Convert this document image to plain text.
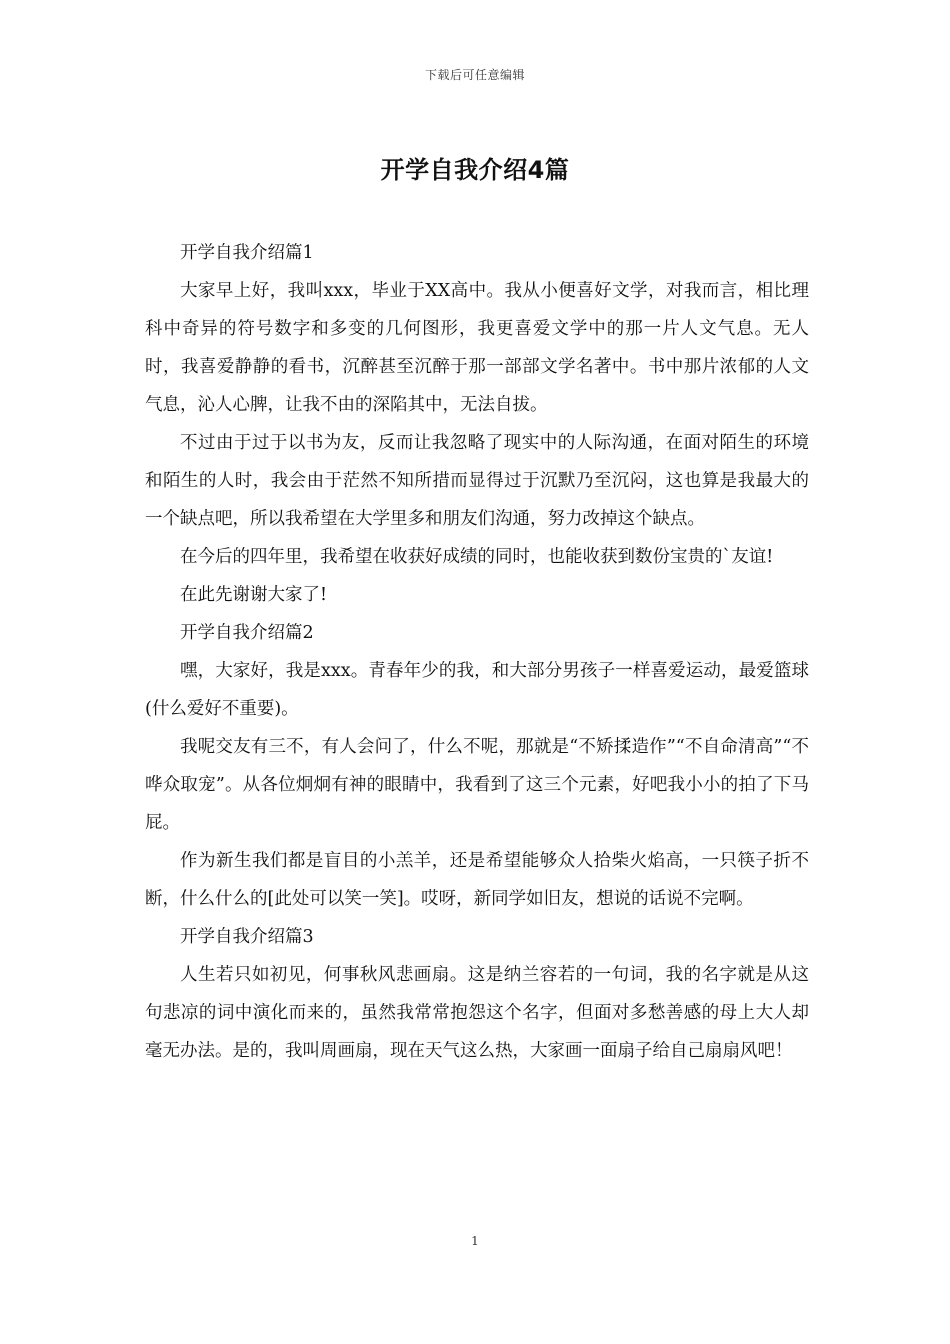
下载后可任意编辑
开学自我介绍4篇

开学自我介绍篇1

大家早上好，我叫xxx，毕业于XX高中。我从小便喜好文学，对我而言，相比理科中奇异的符号数字和多变的几何图形，我更喜爱文学中的那一片人文气息。无人时，我喜爱静静的看书，沉醉甚至沉醉于那一部部文学名著中。书中那片浓郁的人文气息，沁人心脾，让我不由的深陷其中，无法自拔。

不过由于过于以书为友，反而让我忽略了现实中的人际沟通，在面对陌生的环境和陌生的人时，我会由于茫然不知所措而显得过于沉默乃至沉闷，这也算是我最大的一个缺点吧，所以我希望在大学里多和朋友们沟通，努力改掉这个缺点。

在今后的四年里，我希望在收获好成绩的同时，也能收获到数份宝贵的`友谊!

在此先谢谢大家了!

开学自我介绍篇2

嘿，大家好，我是xxx。青春年少的我，和大部分男孩子一样喜爱运动，最爱篮球(什么爱好不重要)。

我呢交友有三不，有人会问了，什么不呢，那就是“不矫揉造作”“不自命清高”“不哗众取宠”。从各位炯炯有神的眼睛中，我看到了这三个元素，好吧我小小的拍了下马屁。

作为新生我们都是盲目的小羔羊，还是希望能够众人拾柴火焰高，一只筷子折不断，什么什么的[此处可以笑一笑]。哎呀，新同学如旧友，想说的话说不完啊。

开学自我介绍篇3

人生若只如初见，何事秋风悲画扇。这是纳兰容若的一句词，我的名字就是从这句悲凉的词中演化而来的，虽然我常常抱怨这个名字，但面对多愁善感的母上大人却毫无办法。是的，我叫周画扇，现在天气这么热，大家画一面扇子给自己扇扇风吧！

1
